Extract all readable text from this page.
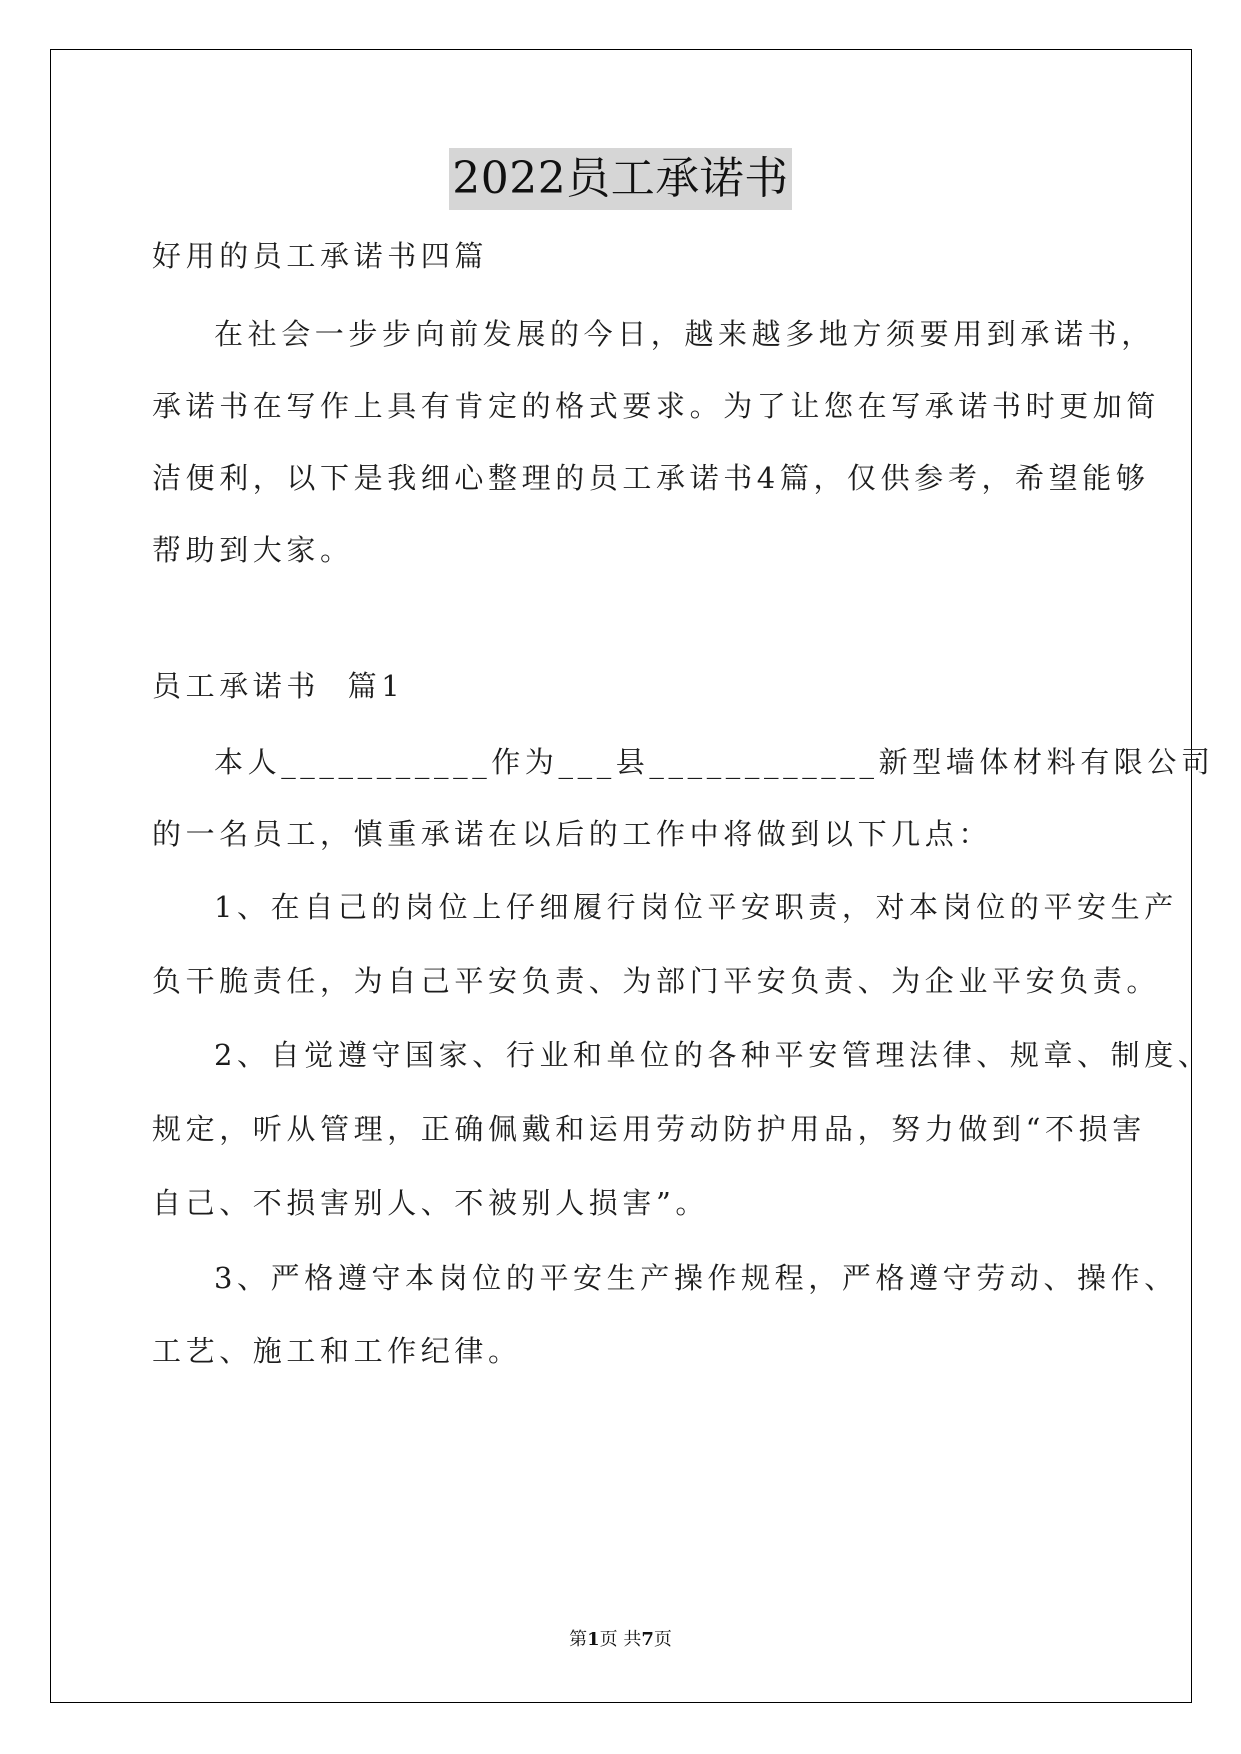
2022员工承诺书
好用的员工承诺书四篇
在社会一步步向前发展的今日，越来越多地方须要用到承诺书，
承诺书在写作上具有肯定的格式要求。为了让您在写承诺书时更加简
洁便利，以下是我细心整理的员工承诺书4篇，仅供参考，希望能够
帮助到大家。
员工承诺书  篇1
本人___________作为___县____________新型墙体材料有限公司
的一名员工，慎重承诺在以后的工作中将做到以下几点：
1、在自己的岗位上仔细履行岗位平安职责，对本岗位的平安生产
负干脆责任，为自己平安负责、为部门平安负责、为企业平安负责。
2、自觉遵守国家、行业和单位的各种平安管理法律、规章、制度、
规定，听从管理，正确佩戴和运用劳动防护用品，努力做到“不损害
自己、不损害别人、不被别人损害”。
3、严格遵守本岗位的平安生产操作规程，严格遵守劳动、操作、
工艺、施工和工作纪律。
第1页 共7页
